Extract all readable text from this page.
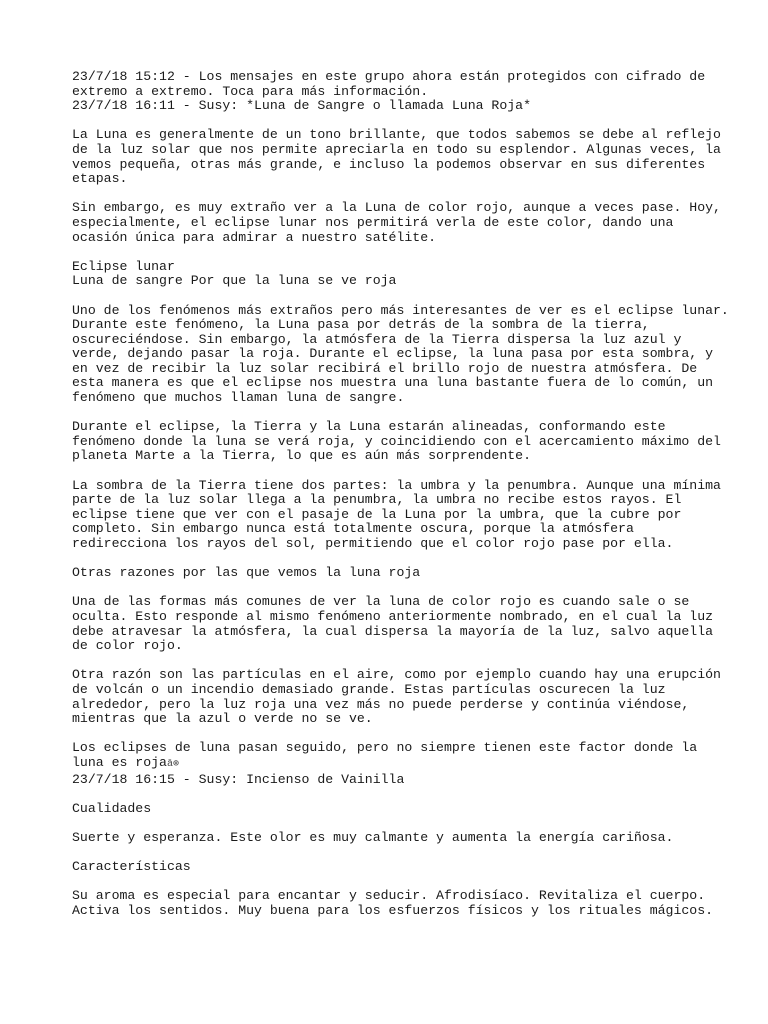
23/7/18 15:12 - Los mensajes en este grupo ahora están protegidos con cifrado de
extremo a extremo. Toca para más información.
23/7/18 16:11 - Susy: *Luna de Sangre o llamada Luna Roja*
La Luna es generalmente de un tono brillante, que todos sabemos se debe al reflejo
de la luz solar que nos permite apreciarla en todo su esplendor. Algunas veces, la
vemos pequeña, otras más grande, e incluso la podemos observar en sus diferentes
etapas.
Sin embargo, es muy extraño ver a la Luna de color rojo, aunque a veces pase. Hoy,
especialmente, el eclipse lunar nos permitirá verla de este color, dando una
ocasión única para admirar a nuestro satélite.
Eclipse lunar
Luna de sangre Por que la luna se ve roja
Uno de los fenómenos más extraños pero más interesantes de ver es el eclipse lunar.
Durante este fenómeno, la Luna pasa por detrás de la sombra de la tierra,
oscureciéndose. Sin embargo, la atmósfera de la Tierra dispersa la luz azul y
verde, dejando pasar la roja. Durante el eclipse, la luna pasa por esta sombra, y
en vez de recibir la luz solar recibirá el brillo rojo de nuestra atmósfera. De
esta manera es que el eclipse nos muestra una luna bastante fuera de lo común, un
fenómeno que muchos llaman luna de sangre.
Durante el eclipse, la Tierra y la Luna estarán alineadas, conformando este
fenómeno donde la luna se verá roja, y coincidiendo con el acercamiento máximo del
planeta Marte a la Tierra, lo que es aún más sorprendente.
La sombra de la Tierra tiene dos partes: la umbra y la penumbra. Aunque una mínima
parte de la luz solar llega a la penumbra, la umbra no recibe estos rayos. El
eclipse tiene que ver con el pasaje de la Luna por la umbra, que la cubre por
completo. Sin embargo nunca está totalmente oscura, porque la atmósfera
redirecciona los rayos del sol, permitiendo que el color rojo pase por ella.
Otras razones por las que vemos la luna roja
Una de las formas más comunes de ver la luna de color rojo es cuando sale o se
oculta. Esto responde al mismo fenómeno anteriormente nombrado, en el cual la luz
debe atravesar la atmósfera, la cual dispersa la mayoría de la luz, salvo aquella
de color rojo.
Otra razón son las partículas en el aire, como por ejemplo cuando hay una erupción
de volcán o un incendio demasiado grande. Estas partículas oscurecen la luz
alrededor, pero la luz roja una vez más no puede perderse y continúa viéndose,
mientras que la azul o verde no se ve.
Los eclipses de luna pasan seguido, pero no siempre tienen este factor donde la
luna es rojaā⊚
23/7/18 16:15 - Susy: Incienso de Vainilla
Cualidades
Suerte y esperanza. Este olor es muy calmante y aumenta la energía cariñosa.
Características
Su aroma es especial para encantar y seducir. Afrodisíaco. Revitaliza el cuerpo.
Activa los sentidos. Muy buena para los esfuerzos físicos y los rituales mágicos.
